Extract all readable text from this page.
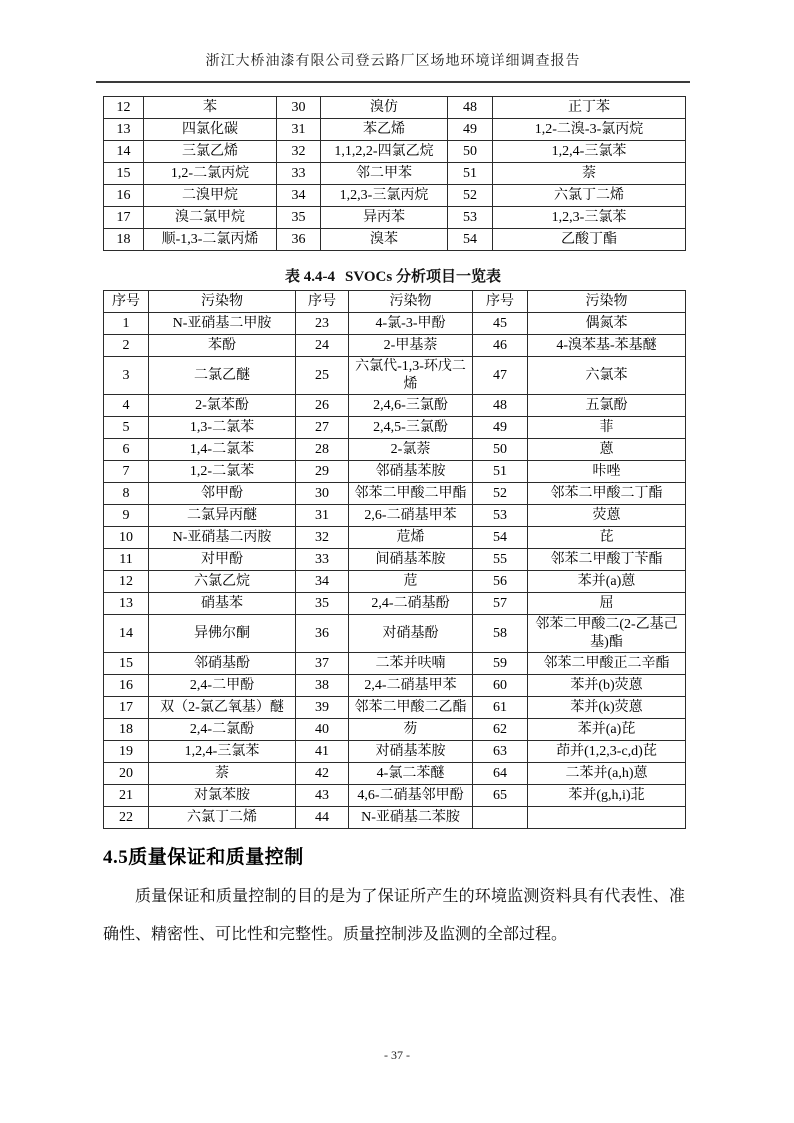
浙江大桥油漆有限公司登云路厂区场地环境详细调查报告
12	苯	30	溴仿	48	正丁苯
13	四氯化碳	31	苯乙烯	49	1,2-二溴-3-氯丙烷
14	三氯乙烯	32	1,1,2,2-四氯乙烷	50	1,2,4-三氯苯
15	1,2-二氯丙烷	33	邻二甲苯	51	萘
16	二溴甲烷	34	1,2,3-三氯丙烷	52	六氯丁二烯
17	溴二氯甲烷	35	异丙苯	53	1,2,3-三氯苯
18	顺-1,3-二氯丙烯	36	溴苯	54	乙酸丁酯
表 4.4-4 SVOCs 分析项目一览表
序号	污染物	序号	污染物	序号	污染物
1	N-亚硝基二甲胺	23	4-氯-3-甲酚	45	偶氮苯
2	苯酚	24	2-甲基萘	46	4-溴苯基-苯基醚
3	二氯乙醚	25	六氯代-1,3-环戊二烯	47	六氯苯
4	2-氯苯酚	26	2,4,6-三氯酚	48	五氯酚
5	1,3-二氯苯	27	2,4,5-三氯酚	49	菲
6	1,4-二氯苯	28	2-氯萘	50	蒽
7	1,2-二氯苯	29	邻硝基苯胺	51	咔唑
8	邻甲酚	30	邻苯二甲酸二甲酯	52	邻苯二甲酸二丁酯
9	二氯异丙醚	31	2,6-二硝基甲苯	53	荧蒽
10	N-亚硝基二丙胺	32	苊烯	54	芘
11	对甲酚	33	间硝基苯胺	55	邻苯二甲酸丁苄酯
12	六氯乙烷	34	苊	56	苯并(a)蒽
13	硝基苯	35	2,4-二硝基酚	57	屈
14	异佛尔酮	36	对硝基酚	58	邻苯二甲酸二(2-乙基己基)酯
15	邻硝基酚	37	二苯并呋喃	59	邻苯二甲酸正二辛酯
16	2,4-二甲酚	38	2,4-二硝基甲苯	60	苯并(b)荧蒽
17	双（2-氯乙氧基）醚	39	邻苯二甲酸二乙酯	61	苯并(k)荧蒽
18	2,4-二氯酚	40	芴	62	苯并(a)芘
19	1,2,4-三氯苯	41	对硝基苯胺	63	茚并(1,2,3-c,d)芘
20	萘	42	4-氯二苯醚	64	二苯并(a,h)蒽
21	对氯苯胺	43	4,6-二硝基邻甲酚	65	苯并(g,h,i)苝
22	六氯丁二烯	44	N-亚硝基二苯胺		
4.5质量保证和质量控制

质量保证和质量控制的目的是为了保证所产生的环境监测资料具有代表性、准确性、精密性、可比性和完整性。质量控制涉及监测的全部过程。

- 37 -
